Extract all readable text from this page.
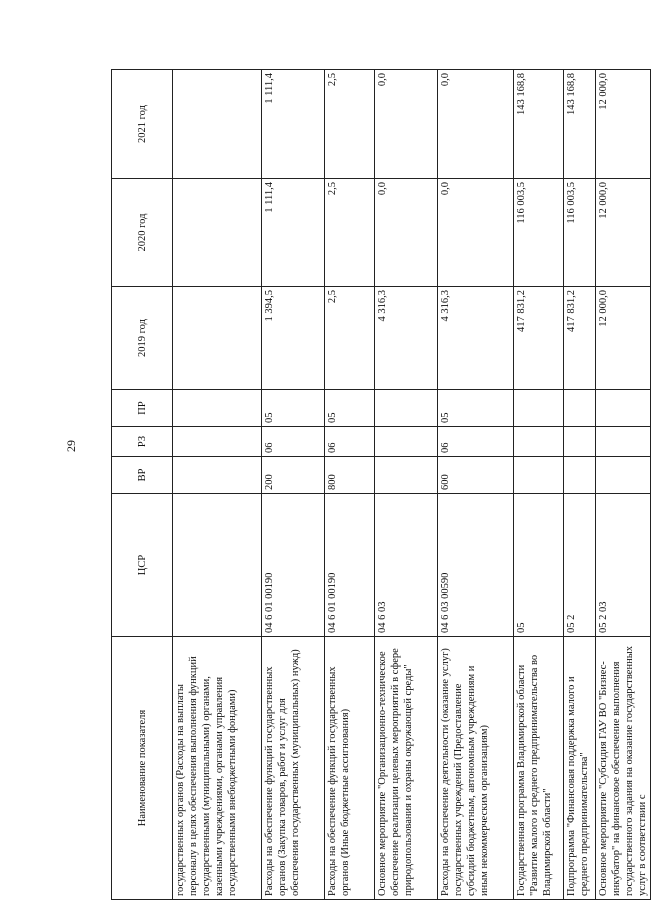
29
Наименование показателя	ЦСР	ВР	РЗ	ПР	2019 год	2020 год	2021 год
государственных органов (Расходы на выплаты персоналу в целях обеспечения выполнения функций государственными (муниципальными) органами, казенными учреждениями, органами управления государственными внебюджетными фондами)							
Расходы на обеспечение функций государственных органов (Закупка товаров, работ и услуг для обеспечения государственных (муниципальных) нужд)	04 6 01 00190	200	06	05	1 394,5	1 111,4	1 111,4
Расходы на обеспечение функций государственных органов (Иные бюджетные ассигнования)	04 6 01 00190	800	06	05	2,5	2,5	2,5
Основное мероприятие "Организационно-техническое обеспечение реализации целевых мероприятий в сфере природопользования и охраны окружающей среды"	04 6 03				4 316,3	0,0	0,0
Расходы на обеспечение деятельности (оказание услуг) государственных учреждений (Предоставление субсидий бюджетным, автономным учреждениям и иным некоммерческим организациям)	04 6 03 00590	600	06	05	4 316,3	0,0	0,0
Государственная программа Владимирской области "Развитие малого и среднего предпринимательства во Владимирской области"	05				417 831,2	116 003,5	143 168,8
Подпрограмма "Финансовая поддержка малого и среднего предпринимательства"	05 2				417 831,2	116 003,5	143 168,8
Основное мероприятие "Субсидия ГАУ ВО "Бизнес-инкубатор" на финансовое обеспечение выполнения государственного задания на оказание государственных услуг в соответствии с	05 2 03				12 000,0	12 000,0	12 000,0
